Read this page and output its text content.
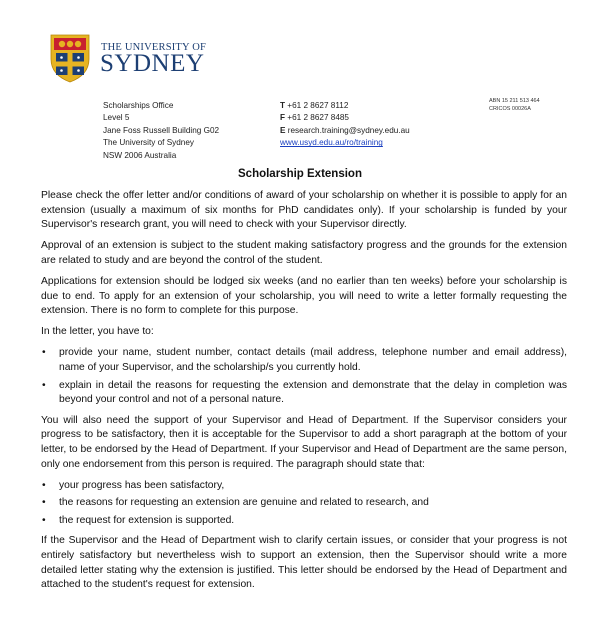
THE UNIVERSITY OF
SYDNEY
Scholarships Office
Level 5
Jane Foss Russell Building G02
The University of Sydney
NSW 2006 Australia
T +61 2 8627 8112
F +61 2 8627 8485
E research.training@sydney.edu.au
www.usyd.edu.au/ro/training
ABN 15 211 513 464
CRICOS 00026A
Scholarship Extension

Please check the offer letter and/or conditions of award of your scholarship on whether it is possible to apply for an extension (usually a maximum of six months for PhD candidates only). If your scholarship is funded by your Supervisor's research grant, you will need to check with your Supervisor directly.

Approval of an extension is subject to the student making satisfactory progress and the grounds for the extension are related to study and are beyond the control of the student.

Applications for extension should be lodged six weeks (and no earlier than ten weeks) before your scholarship is due to end. To apply for an extension of your scholarship, you will need to write a letter formally requesting the extension. There is no form to complete for this purpose.

In the letter, you have to:

• provide your name, student number, contact details (mail address, telephone number and email address), name of your Supervisor, and the scholarship/s you currently hold.
• explain in detail the reasons for requesting the extension and demonstrate that the delay in completion was beyond your control and not of a personal nature.

You will also need the support of your Supervisor and Head of Department. If the Supervisor considers your progress to be satisfactory, then it is acceptable for the Supervisor to add a short paragraph at the bottom of your letter, to be endorsed by the Head of Department. If your Supervisor and Head of Department are the same person, only one endorsement from this person is required. The paragraph should state that:

• your progress has been satisfactory,
• the reasons for requesting an extension are genuine and related to research, and
• the request for extension is supported.

If the Supervisor and the Head of Department wish to clarify certain issues, or consider that your progress is not entirely satisfactory but nevertheless wish to support an extension, then the Supervisor should write a more detailed letter stating why the extension is justified. This letter should be endorsed by the Head of Department and attached to the student's request for extension.
